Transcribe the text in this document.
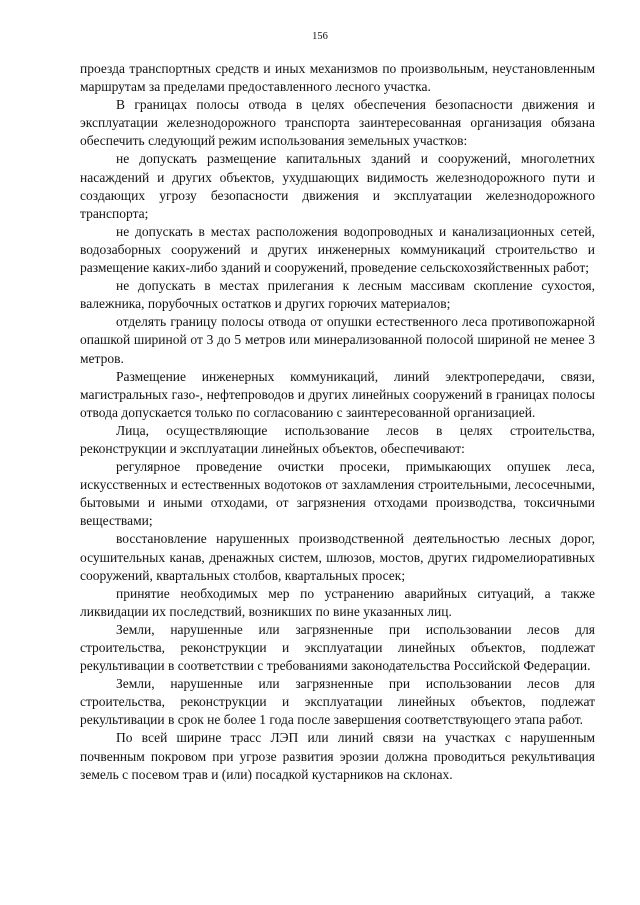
156

проезда транспортных средств и иных механизмов по произвольным, неустановленным маршрутам за пределами предоставленного лесного участка.

В границах полосы отвода в целях обеспечения безопасности движения и эксплуатации железнодорожного транспорта заинтересованная организация обязана обеспечить следующий режим использования земельных участков:

не допускать размещение капитальных зданий и сооружений, многолетних насаждений и других объектов, ухудшающих видимость железнодорожного пути и создающих угрозу безопасности движения и эксплуатации железнодорожного транспорта;

не допускать в местах расположения водопроводных и канализационных сетей, водозаборных сооружений и других инженерных коммуникаций строительство и размещение каких-либо зданий и сооружений, проведение сельскохозяйственных работ;

не допускать в местах прилегания к лесным массивам скопление сухостоя, валежника, порубочных остатков и других горючих материалов;

отделять границу полосы отвода от опушки естественного леса противопожарной опашкой шириной от 3 до 5 метров или минерализованной полосой шириной не менее 3 метров.

Размещение инженерных коммуникаций, линий электропередачи, связи, магистральных газо-, нефтепроводов и других линейных сооружений в границах полосы отвода допускается только по согласованию с заинтересованной организацией.

Лица, осуществляющие использование лесов в целях строительства, реконструкции и эксплуатации линейных объектов, обеспечивают:

регулярное проведение очистки просеки, примыкающих опушек леса, искусственных и естественных водотоков от захламления строительными, лесосечными, бытовыми и иными отходами, от загрязнения отходами производства, токсичными веществами;

восстановление нарушенных производственной деятельностью лесных дорог, осушительных канав, дренажных систем, шлюзов, мостов, других гидромелиоративных сооружений, квартальных столбов, квартальных просек;

принятие необходимых мер по устранению аварийных ситуаций, а также ликвидации их последствий, возникших по вине указанных лиц.

Земли, нарушенные или загрязненные при использовании лесов для строительства, реконструкции и эксплуатации линейных объектов, подлежат рекультивации в соответствии с требованиями законодательства Российской Федерации.

Земли, нарушенные или загрязненные при использовании лесов для строительства, реконструкции и эксплуатации линейных объектов, подлежат рекультивации в срок не более 1 года после завершения соответствующего этапа работ.

По всей ширине трасс ЛЭП или линий связи на участках с нарушенным почвенным покровом при угрозе развития эрозии должна проводиться рекультивация земель с посевом трав и (или) посадкой кустарников на склонах.
